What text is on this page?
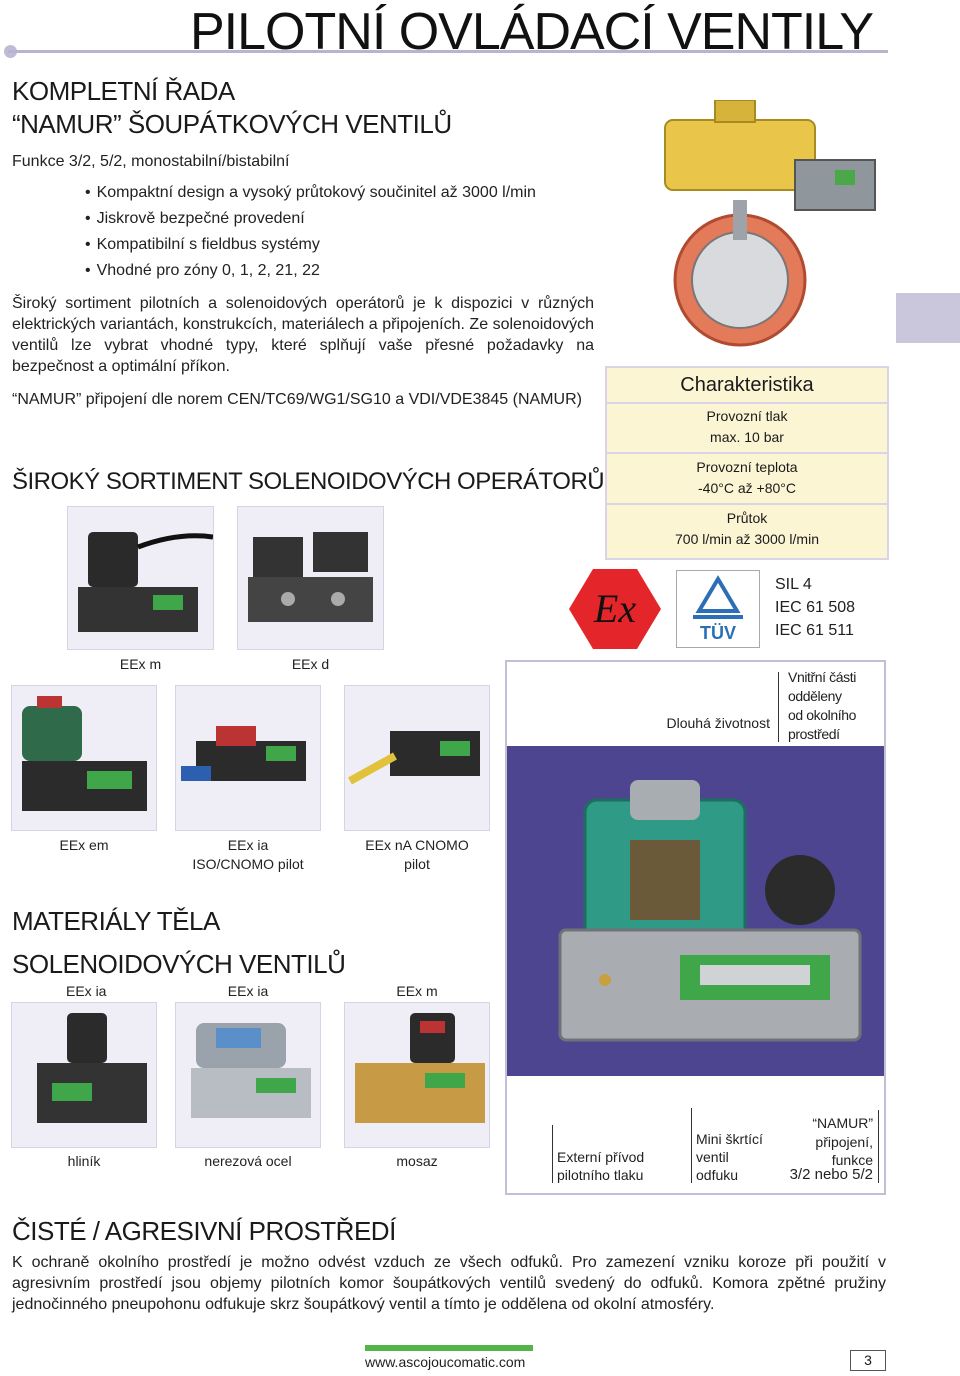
PILOTNÍ OVLÁDACÍ VENTILY
KOMPLETNÍ ŘADA
“NAMUR” ŠOUPÁTKOVÝCH VENTILŮ
Funkce 3/2, 5/2, monostabilní/bistabilní
• Kompaktní design a vysoký průtokový součinitel až 3000 l/min
• Jiskrově bezpečné provedení
• Kompatibilní s fieldbus systémy
• Vhodné pro zóny 0, 1, 2, 21, 22
Široký sortiment pilotních a solenoidových operátorů je k dispozici v různých elektrických variantách, konstrukcích, materiálech a připojeních. Ze solenoidových ventilů lze vybrat vhodné typy, které splňují vaše přesné požadavky na bezpečnost a optimální příkon.
“NAMUR” připojení dle norem CEN/TC69/WG1/SG10 a VDI/VDE3845 (NAMUR)
Charakteristika
Provozní tlak
max. 10 bar
Provozní teplota
-40°C až +80°C
Průtok
700 l/min až 3000 l/min
Ex
TÜV
SIL 4
IEC 61 508
IEC 61 511
ŠIROKÝ SORTIMENT SOLENOIDOVÝCH OPERÁTORŮ
EEx m	EEx d
EEx em	EEx ia
ISO/CNOMO pilot
EEx nA CNOMO
pilot
MATERIÁLY TĚLA
SOLENOIDOVÝCH VENTILŮ
EEx ia	EEx ia	EEx m
hliník	nerezová ocel	mosaz
Dlouhá životnost
Vnitřní části
odděleny
od okolního
prostředí
Externí přívod
pilotního tlaku
Mini škrtící
ventil
odfuku
“NAMUR”
připojení,
funkce
3/2 nebo 5/2
ČISTÉ / AGRESIVNÍ PROSTŘEDÍ
K ochraně okolního prostředí je možno odvést vzduch ze všech odfuků. Pro zamezení vzniku koroze při použití v agresivním prostředí jsou objemy pilotních komor šoupátkových ventilů svedený do odfuků. Komora zpětné pružiny jednočinného pneupohonu odfukuje skrz šoupátkový ventil a tímto je oddělena od okolní atmosféry.
www.ascojoucomatic.com	3
